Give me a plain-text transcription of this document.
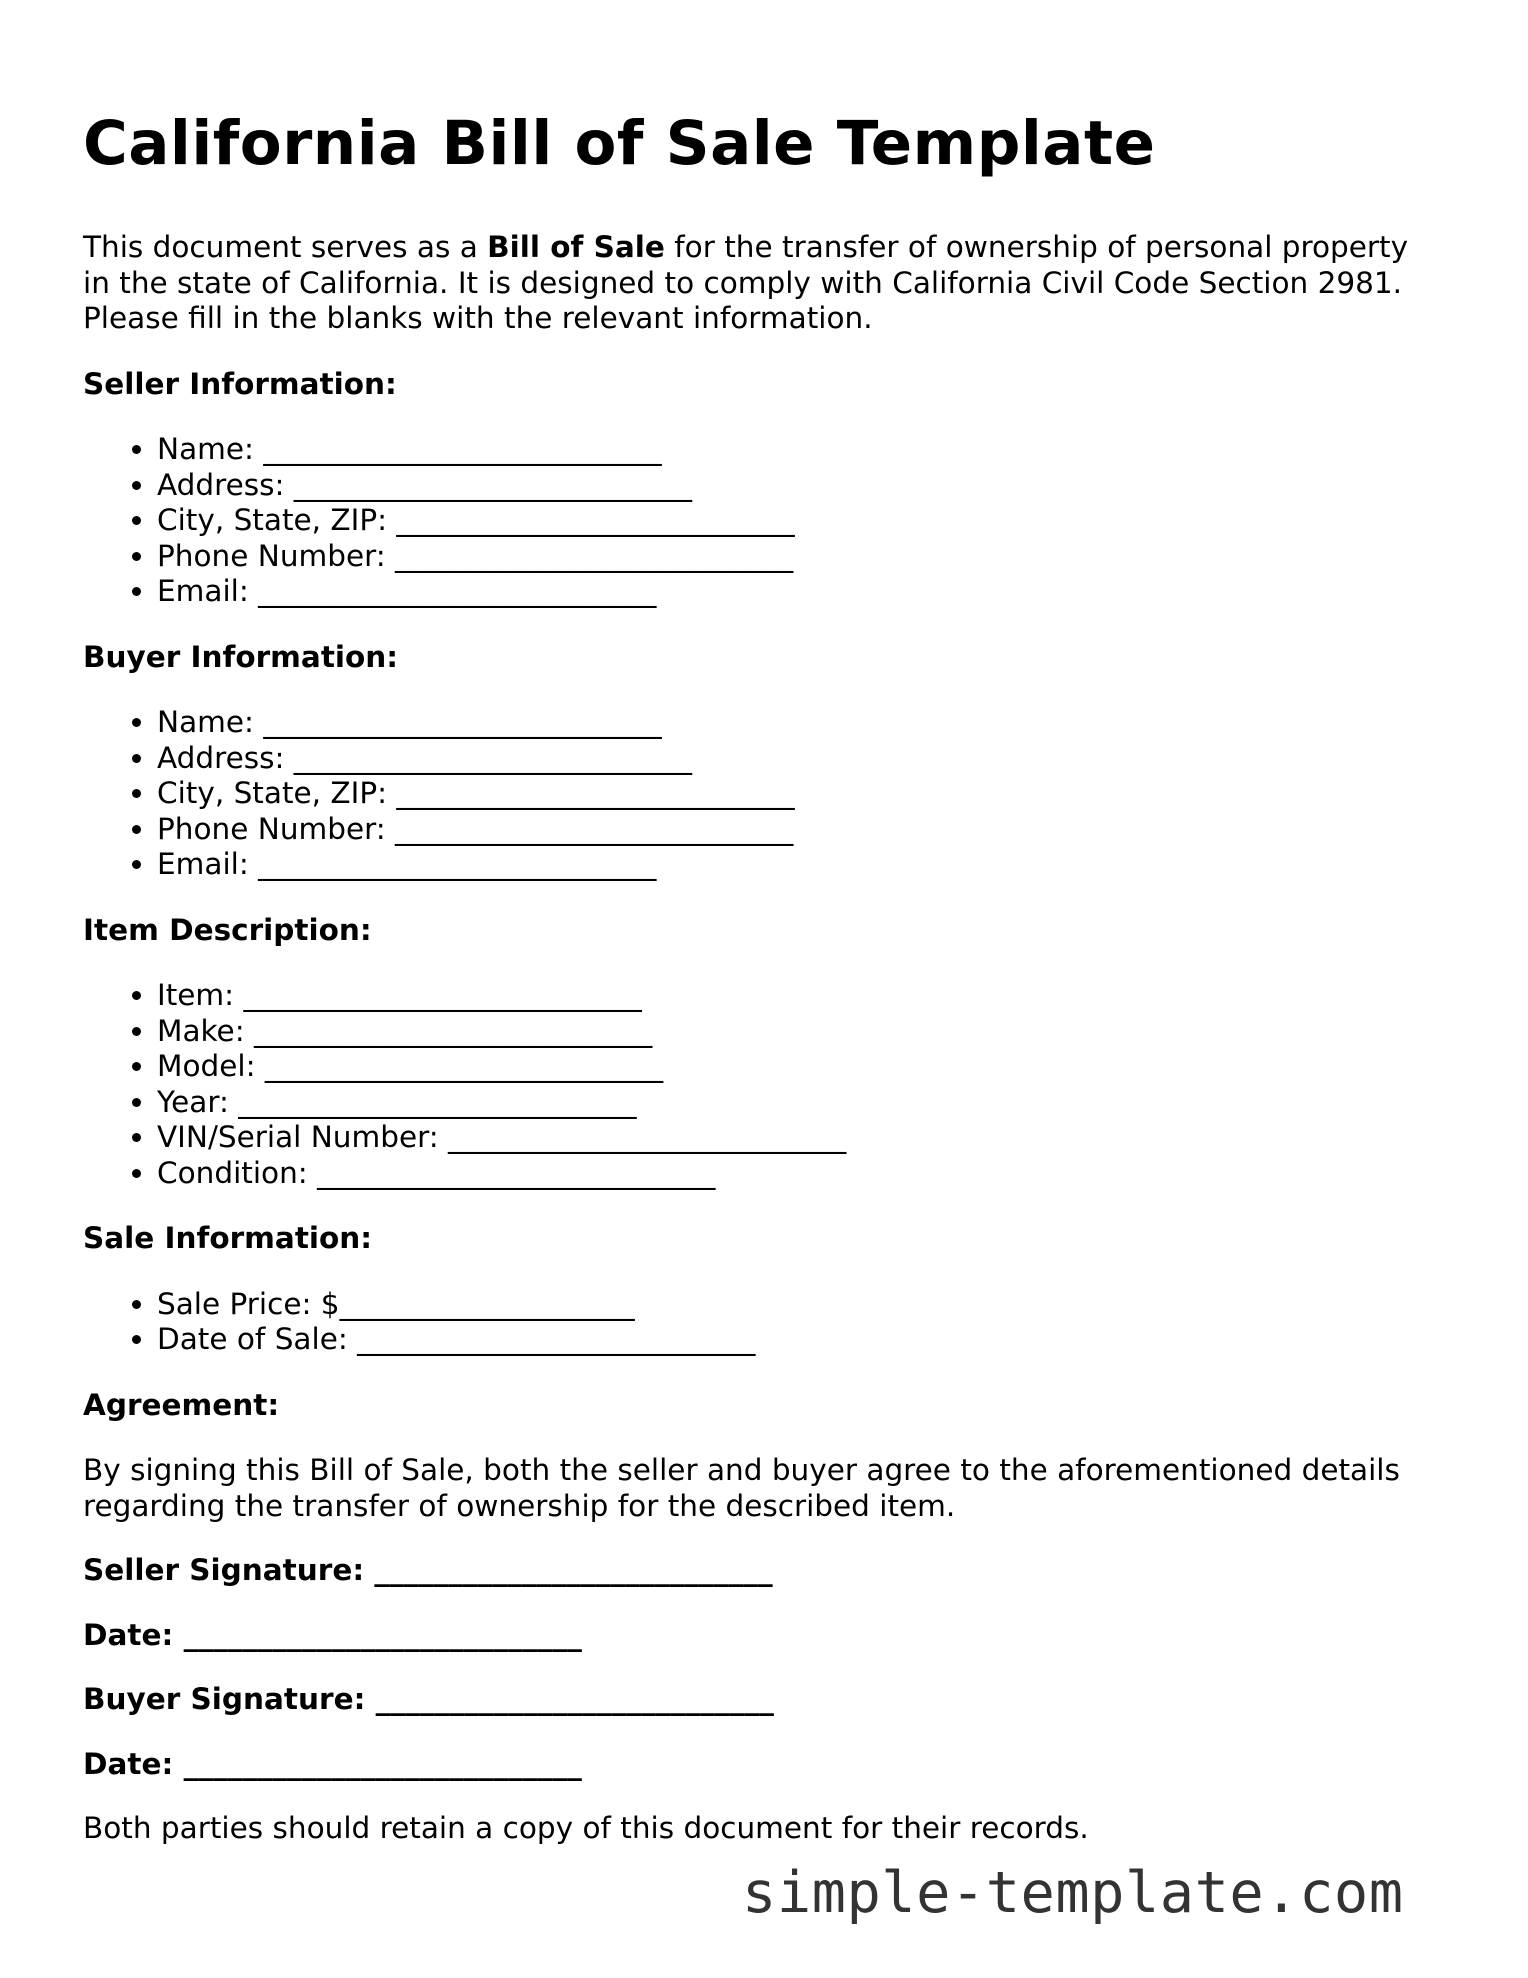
California Bill of Sale Template

This document serves as a Bill of Sale for the transfer of ownership of personal property in the state of California. It is designed to comply with California Civil Code Section 2981. Please fill in the blanks with the relevant information.

Seller Information:

• Name: ___________________________
• Address: ___________________________
• City, State, ZIP: ___________________________
• Phone Number: ___________________________
• Email: ___________________________

Buyer Information:

• Name: ___________________________
• Address: ___________________________
• City, State, ZIP: ___________________________
• Phone Number: ___________________________
• Email: ___________________________

Item Description:

• Item: ___________________________
• Make: ___________________________
• Model: ___________________________
• Year: ___________________________
• VIN/Serial Number: ___________________________
• Condition: ___________________________

Sale Information:

• Sale Price: $____________________
• Date of Sale: ___________________________

Agreement:

By signing this Bill of Sale, both the seller and buyer agree to the aforementioned details regarding the transfer of ownership for the described item.

Seller Signature: ___________________________

Date: ___________________________

Buyer Signature: ___________________________

Date: ___________________________

Both parties should retain a copy of this document for their records.

simple-template.com
